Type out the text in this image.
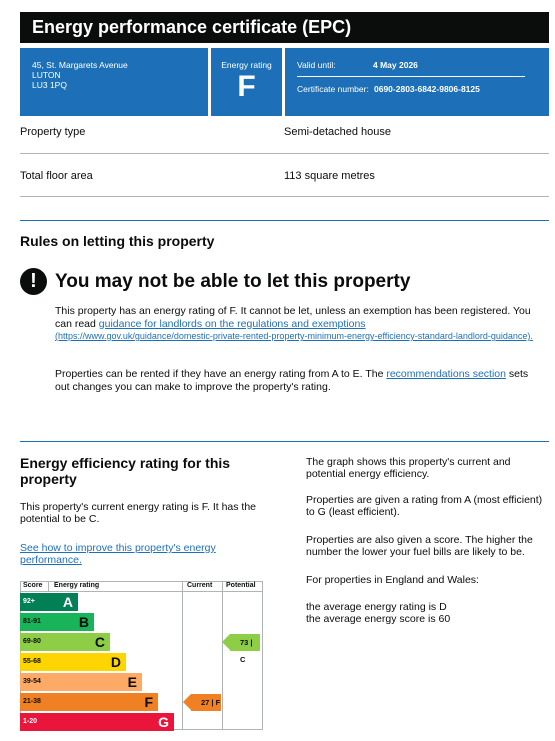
Energy performance certificate (EPC)
45, St. Margarets Avenue
LUTON
LU3 1PQ
Energy rating
F
Valid until:	4 May 2026
Certificate number: 0690-2803-6842-9806-8125
Property type	Semi-detached house
Total floor area	113 square metres
Rules on letting this property
! You may not be able to let this property
This property has an energy rating of F. It cannot be let, unless an exemption has been registered. You can read guidance for landlords on the regulations and exemptions
(https://www.gov.uk/guidance/domestic-private-rented-property-minimum-energy-efficiency-standard-landlord-guidance).
Properties can be rented if they have an energy rating from A to E. The recommendations section sets out changes you can make to improve the property's rating.
Energy efficiency rating for this property
This property's current energy rating is F. It has the potential to be C.
See how to improve this property's energy performance.
The graph shows this property's current and potential energy efficiency.
Properties are given a rating from A (most efficient) to G (least efficient).
Properties are also given a score. The higher the number the lower your fuel bills are likely to be.
For properties in England and Wales:
the average energy rating is D
the average energy score is 60
Score Energy rating	Current Potential
92+	A
81-91	B
69-80	C
55-68	D
39-54	E
21-38	F
1-20	G
27 | F
73 | C
